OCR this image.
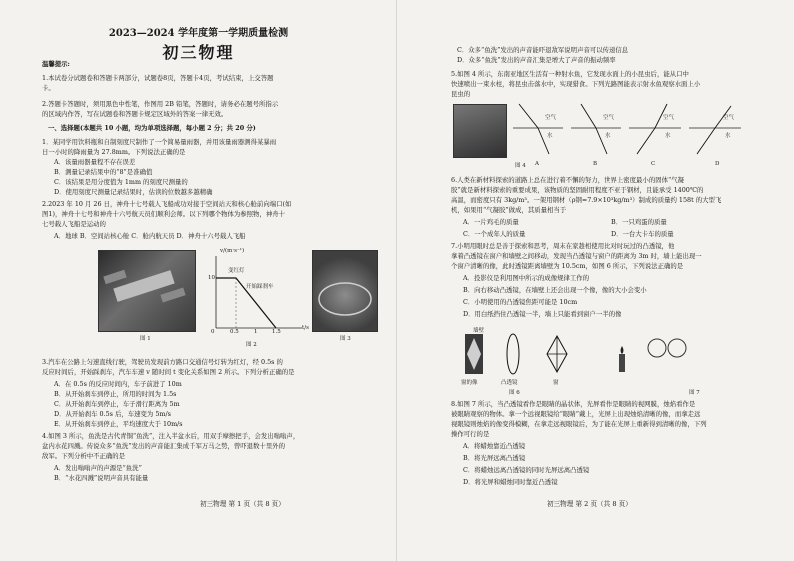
2023—2024 学年度第一学期质量检测
初三物理
温馨提示:
1.本试卷分试题卷和答题卡两部分，试题卷8页，答题卡4页，考试结束，上交答题
卡。
2.答题卡答题时，须用黑色中性笔，作图用 2B 铅笔，答题时，请务必在题号所指示
的区域内作答，写在试题卷和答题卡规定区域外的答案一律无效。
一、选择题(本题共 10 小题，均为单项选择题，每小题 2 分；共 20 分)
1．某同学用饮料瓶和自制刻度尺制作了一个简易量雨器，并用该量雨器测得某暴雨
日一小时的降雨量为 27.8mm。下列说法正确的是
A．该量雨器量程不存在误差
B．测量记录结果中的“8”是准确值
C．该结果是用分度值为 1mm 的刻度尺测量的
D．使用刻度尺测量记录结果时，估读的位数越多越精确
2.2023 年 10 月 26 日，神舟十七号载人飞船成功对接于空间站天和核心舱前向端口(如
图1)，神舟十七号和神舟十六号航天员们顺利会师。以下列哪个物体为参照物，神舟十
七号载人飞船是运动的
A．地球 B．空间站核心舱 C．舱内航天员 D．神舟十六号载人飞船
图 1
v/(m·s⁻¹)
t/s
变红灯
开始踩刹车
10
0	0.5	1	1.5
图 2
图 3
3.汽车在公路上匀速直线行驶，驾驶员发现前方路口交通信号灯转为红灯，经 0.5s 的
反应时间后，开始踩刹车，汽车车速 v 随时间 t 变化关系如图 2 所示。下列分析正确的是
A．在 0.5s 的反应时间内，车子前进了 10m
B．从开始刹车到停止，所用的时间为 1.5s
C．从开始刹车到停止，车子滑行距离为 5m
D．从开始刹车 0.5s 后，车速变为 5m/s
E．从开始刹车到停止，平均速度大于 10m/s
4.如图 3 所示，鱼洗是古代青铜“鱼洗”，注入半盆水后，用双手摩擦把手，会发出嗡嗡声，
盆内水花四溅。传说众多“鱼洗”发出的声音能汇集成千军万马之势，曾吓退数十里外的
敌军。下列分析中不正确的是
A．发出嗡嗡声的声源是“鱼洗”
B．“水花四溅”说明声音具有能量
初三物理 第 1 页（共 8 页）
C．众多“鱼洗”发出的声音能吓退敌军说明声音可以传递信息
D．众多“鱼洗”发出的声音汇集是增大了声音的振动频率
5.如图 4 所示，东南亚地区生活有一种射水鱼，它发现水面上的小昆虫后，能从口中
快速喷出一束水柱，将昆虫击落水中，实现猎食。下列光路图能表示射水鱼观察水面上小
昆虫的
图 4
空气
水
空气
水
空气
水
空气
水
A	B	C	D
6.人类在新材料探索的道路上总在进行着不懈的努力，世界上密度最小的固体“气凝
胶”就是新材料探索的重要成果，该物质的坚固耐用程度不亚于钢材，且能承受 1400℃的
高温，而密度只有 3kg/m³。一架用钢材（ρ钢=7.9×10³kg/m³）制成的质量约 158t 的大型飞
机，如果用“气凝胶”做成，其质量相当于
A．一片鸡毛的质量	B．一只鸡蛋的质量
C．一个成年人的质量	D．一台大卡车的质量
7.小明用眼时总是善于探索和思考，周末在家趁相使用比对时玩过的凸透镜，他
拿着凸透镜在窗户和墙壁之间移动，发现当凸透镜与窗户的距离为 3m 时，墙上能出现一
个窗户清晰的像，此时透镜距离墙壁为 10.5cm，如图 6 所示，下列说法正确的是
A．投影仪是利用图中所示的成像规律工作的
B．向右移动凸透镜，在墙壁上还会出现一个像，像的大小会变小
C．小明使用的凸透镜焦距可能是 10cm
D．用白纸挡住凸透镜一半，墙上只能看到窗户一半的像
墙壁
窗的像	凸透镜	窗
图 6	图 7
8.如图 7 所示，当凸透镜看作是眼睛的晶状体，光屏看作是眼睛的视网膜，烛焰看作是
被眼睛观察的物体。拿一个远视眼镜给“眼睛”戴上，光屏上出现烛焰清晰的像，而拿走远
视眼镜则烛焰的像变得模糊，在拿走远视眼镜后，为了能在光屏上重新得到清晰的像，下列
操作可行的是
A．将蜡烛靠近凸透镜
B．将光屏远离凸透镜
C．将蜡烛远离凸透镜的同时光屏远离凸透镜
D．将光屏和蜡烛同时靠近凸透镜
初三物理 第 2 页（共 8 页）
